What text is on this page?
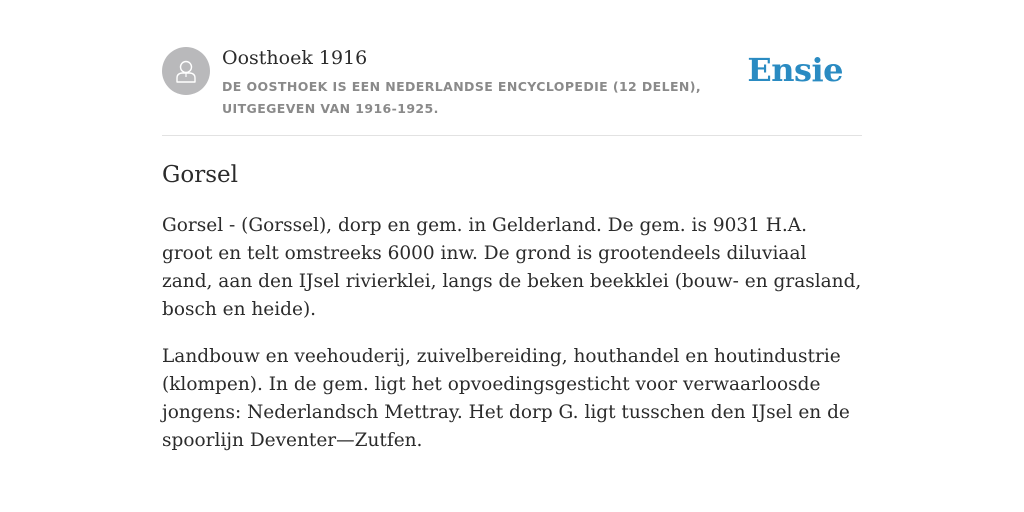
Oosthoek 1916
DE OOSTHOEK IS EEN NEDERLANDSE ENCYCLOPEDIE (12 DELEN), UITGEGEVEN VAN 1916-1925.
Ensie
Gorsel

Gorsel - (Gorssel), dorp en gem. in Gelderland. De gem. is 9031 H.A. groot en telt omstreeks 6000 inw. De grond is grootendeels diluviaal zand, aan den IJsel rivierklei, langs de beken beekklei (bouw- en grasland, bosch en heide).

Landbouw en veehouderij, zuivelbereiding, houthandel en houtindustrie (klompen). In de gem. ligt het opvoedingsgesticht voor verwaarloosde jongens: Nederlandsch Mettray. Het dorp G. ligt tusschen den IJsel en de spoorlijn Deventer—Zutfen.
